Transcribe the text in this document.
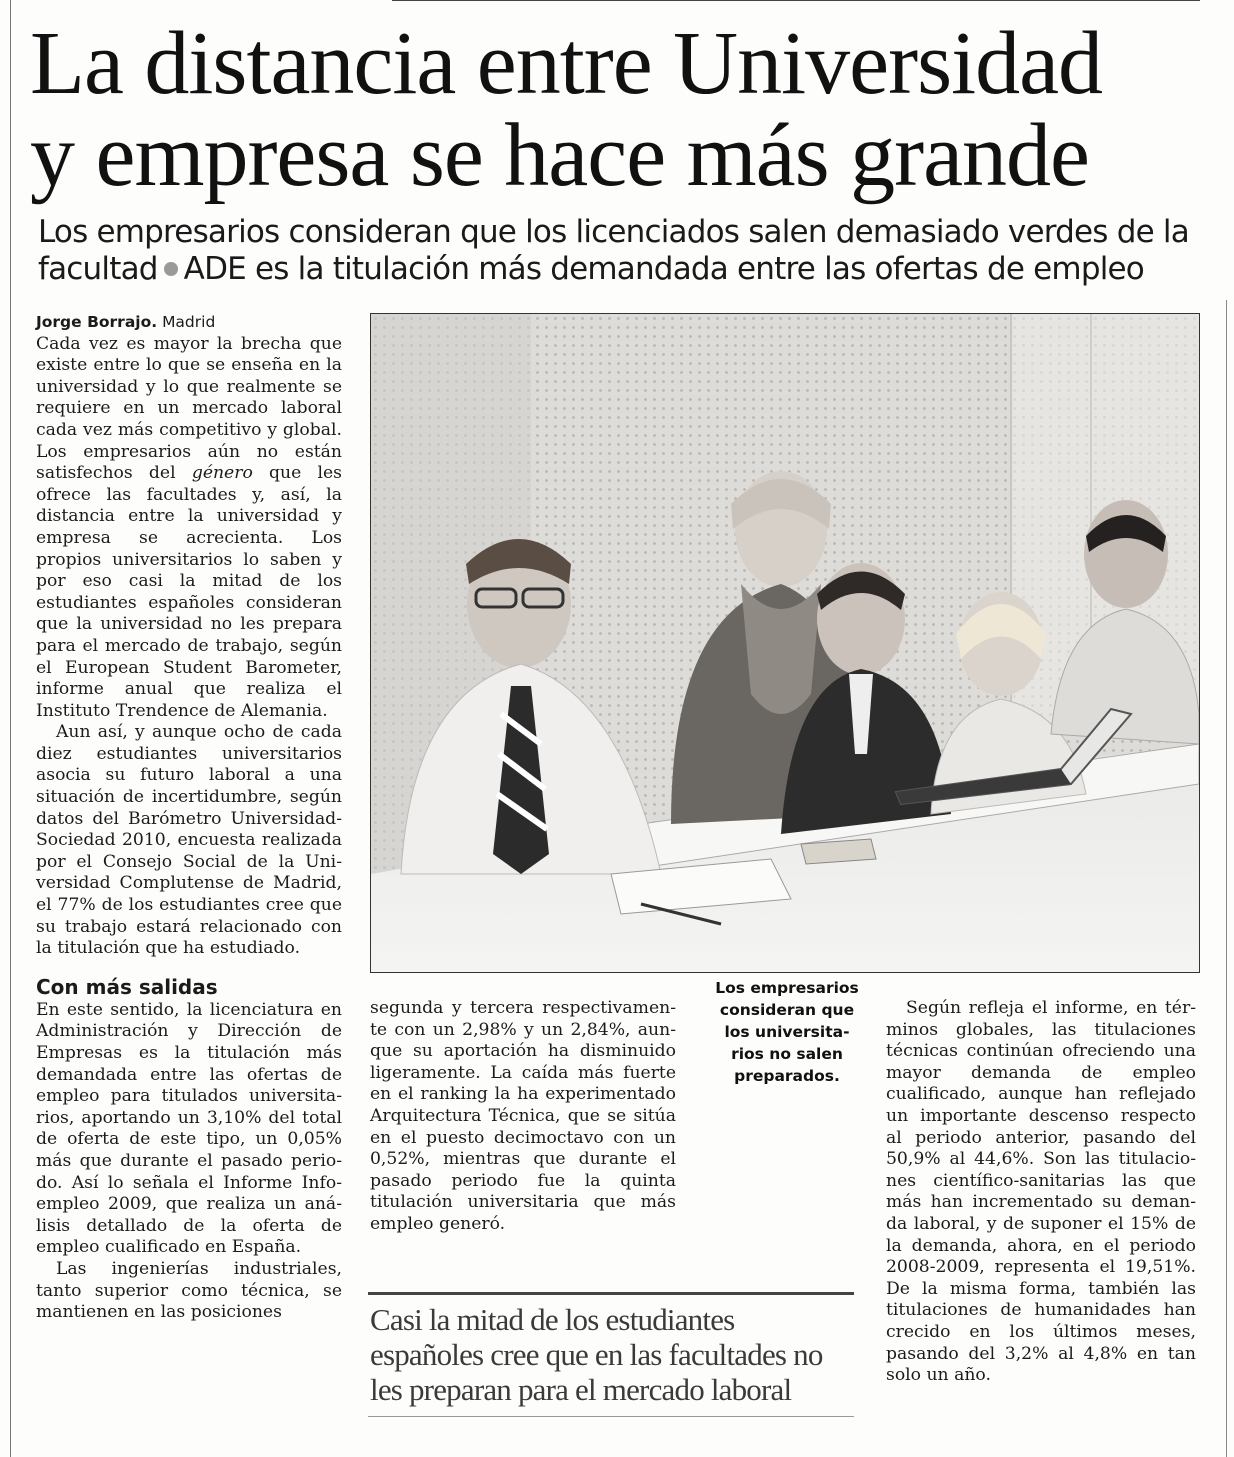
La distancia entre Universidad
y empresa se hace más grande
Los empresarios consideran que los licenciados salen demasiado verdes de la facultad ADE es la titulación más demandada entre las ofertas de empleo
Jorge Borrajo. Madrid

Cada vez es mayor la brecha que existe entre lo que se enseña en la universidad y lo que realmente se requiere en un mercado laboral cada vez más competitivo y global. Los empresarios aún no están satisfechos del género que les ofrece las facultades y, así, la distancia entre la universidad y empresa se acrecienta. Los propios universitarios lo saben y por eso casi la mitad de los estudiantes españoles consideran que la universidad no les prepara para el mercado de trabajo, según el European Student Barometer, informe anual que realiza el Instituto Trendence de Alemania.

Aun así, y aunque ocho de cada diez estudiantes universitarios asocia su futuro laboral a una situación de incertidumbre, según datos del Barómetro Universidad-Sociedad 2010, encuesta realizada por el Consejo Social de la Universidad Complutense de Madrid, el 77% de los estudiantes cree que su trabajo estará relacionado con la titulación que ha estudiado.

Con más salidas

En este sentido, la licenciatura en Administración y Dirección de Empresas es la titulación más demandada entre las ofertas de empleo para titulados universitarios, aportando un 3,10% del total de oferta de este tipo, un 0,05% más que durante el pasado periodo. Así lo señala el Informe Infoempleo 2009, que realiza un análisis detallado de la oferta de empleo cualificado en España.

Las ingenierías industriales, tanto superior como técnica, se mantienen en las posiciones

Los empresarios consideran que los universitarios no salen preparados.

segunda y tercera respectivamente con un 2,98% y un 2,84%, aunque su aportación ha disminuido ligeramente. La caída más fuerte en el ranking la ha experimentado Arquitectura Técnica, que se sitúa en el puesto decimoctavo con un 0,52%, mientras que durante el pasado periodo fue la quinta titulación universitaria que más empleo generó.

Casi la mitad de los estudiantes españoles cree que en las facultades no les preparan para el mercado laboral

Según refleja el informe, en términos globales, las titulaciones técnicas continúan ofreciendo una mayor demanda de empleo cualificado, aunque han reflejado un importante descenso respecto al periodo anterior, pasando del 50,9% al 44,6%. Son las titulaciones científico-sanitarias las que más han incrementado su demanda laboral, y de suponer el 15% de la demanda, ahora, en el periodo 2008-2009, representa el 19,51%. De la misma forma, también las titulaciones de humanidades han crecido en los últimos meses, pasando del 3,2% al 4,8% en tan solo un año.
